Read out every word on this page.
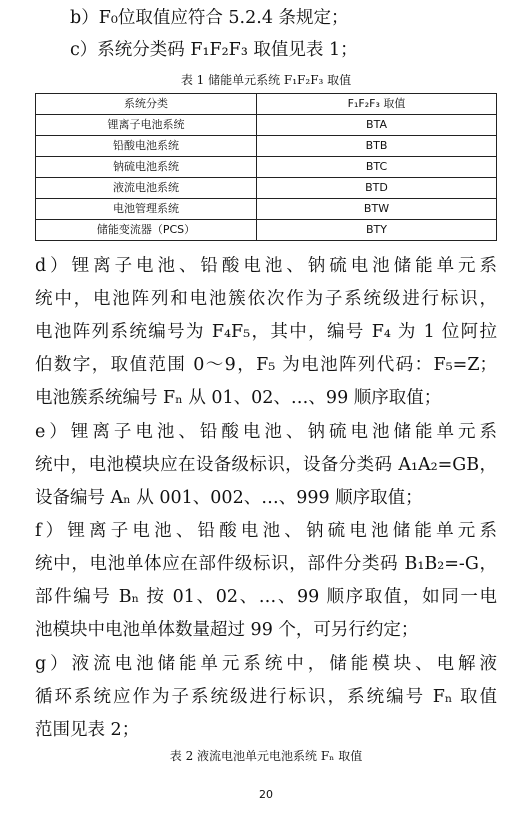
b）F₀位取值应符合 5.2.4 条规定；
c）系统分类码 F₁F₂F₃ 取值见表 1；
表 1 储能单元系统 F₁F₂F₃ 取值
系统分类	F₁F₂F₃ 取值
锂离子电池系统	BTA
铅酸电池系统	BTB
钠硫电池系统	BTC
液流电池系统	BTD
电池管理系统	BTW
储能变流器（PCS）	BTY
d）锂离子电池、铅酸电池、钠硫电池储能单元系
统中，电池阵列和电池簇依次作为子系统级进行标识，
电池阵列系统编号为 F₄F₅，其中，编号 F₄ 为 1 位阿拉
伯数字，取值范围 0～9，F₅ 为电池阵列代码：F₅=Z；
电池簇系统编号 Fₙ 从 01、02、…、99 顺序取值；
e）锂离子电池、铅酸电池、钠硫电池储能单元系
统中，电池模块应在设备级标识，设备分类码 A₁A₂=GB，
设备编号 Aₙ 从 001、002、…、999 顺序取值；
f）锂离子电池、铅酸电池、钠硫电池储能单元系
统中，电池单体应在部件级标识，部件分类码 B₁B₂=-G，
部件编号 Bₙ 按 01、02、…、99 顺序取值，如同一电
池模块中电池单体数量超过 99 个，可另行约定；
g）液流电池储能单元系统中，储能模块、电解液
循环系统应作为子系统级进行标识，系统编号 Fₙ 取值
范围见表 2；
表 2 液流电池单元电池系统 Fₙ 取值
20
